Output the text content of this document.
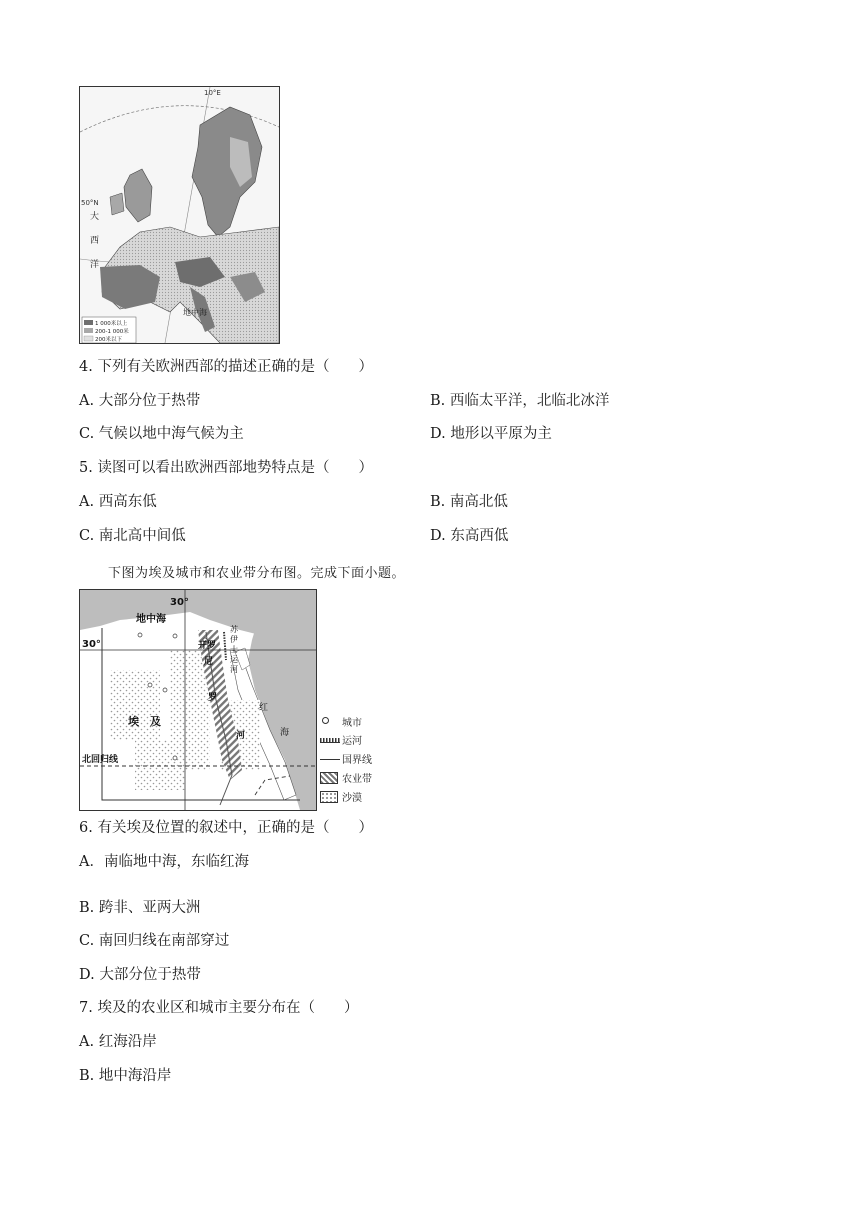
10°E
50°N
大
西
洋
地中海
1 000米以上
200-1 000米
200米以下
4. 下列有关欧洲西部的描述正确的是（　　）
A. 大部分位于热带	B. 西临太平洋，北临北冰洋
C. 气候以地中海气候为主	D. 地形以平原为主
5. 读图可以看出欧洲西部地势特点是（　　）
A. 西高东低	B. 南高北低
C. 南北高中间低	D. 东高西低
下图为埃及城市和农业带分布图。完成下面小题。
30°
地中海
30°
埃　及
开罗
尼
罗
河
苏
伊
士
运
河
红
海
北回归线
城市
运河
国界线
农业带
沙漠
6. 有关埃及位置的叙述中，正确的是（　　）
A．南临地中海，东临红海
B. 跨非、亚两大洲
C. 南回归线在南部穿过
D. 大部分位于热带
7. 埃及的农业区和城市主要分布在（　　）
A. 红海沿岸
B. 地中海沿岸
